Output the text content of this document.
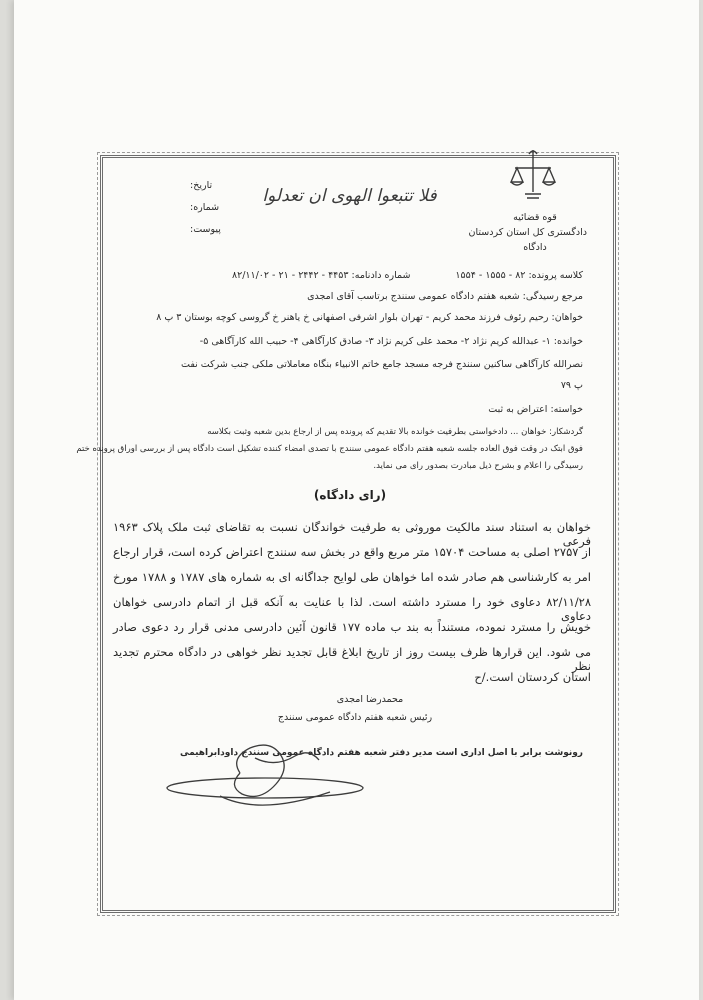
تاریخ:
شماره:
پیوست:
فلا تتبعوا الهوی ان تعدلوا
قوه قضائیه
دادگستری کل استان کردستان
دادگاه
کلاسه پرونده: ۸۲ - ۱۵۵۵ - ۱۵۵۴
شماره دادنامه: ۴۴۵۳ - ۲۴۴۲ - ۲۱ - ۸۲/۱۱/۰۲
مرجع رسیدگی: شعبه هفتم دادگاه عمومی سنندج برتاسب آقای امجدی
خواهان: رحیم رئوف فرزند محمد کریم - تهران بلوار اشرفی اصفهانی خ یاهنر خ گروسی کوچه بوستان ۳ پ ۸
خوانده: ۱- عبدالله کریم نژاد ۲- محمد علی کریم نژاد ۳- صادق کارآگاهی ۴- حبیب الله کارآگاهی ۵-
نصرالله کارآگاهی ساکنین سنندج فرجه مسجد جامع خاتم الانبیاء بنگاه معاملاتی ملکی جنب شرکت نفت
پ ۷۹
خواسته: اعتراض به ثبت
گردشکار: خواهان ... دادخواستی بطرفیت خوانده بالا تقدیم که پرونده پس از ارجاع بدین شعبه وثبت بکلاسه
فوق ابتک در وقت فوق العاده جلسه شعبه هفتم دادگاه عمومی سنندج با تصدی امضاء کننده تشکیل است دادگاه پس از بررسی اوراق پرونده ختم
رسیدگی را اعلام و بشرح ذیل مبادرت بصدور رای می نماید.
(رای دادگاه)
خواهان به استناد سند مالکیت موروثی به طرفیت خواندگان نسبت به تقاضای ثبت ملک پلاک ۱۹۶۳ فرعی
از ۲۷۵۷ اصلی به مساحت ۱۵۷۰۴ متر مربع واقع در بخش سه سنندج اعتراض کرده است، قرار ارجاع
امر به کارشناسی هم صادر شده اما خواهان طی لوایح جداگانه ای به شماره های ۱۷۸۷ و ۱۷۸۸ مورخ
۸۲/۱۱/۲۸ دعاوی خود را مسترد داشته است. لذا با عنایت به آنکه قبل از اتمام دادرسی خواهان دعاوی
خویش را مسترد نموده، مستنداً به بند ب ماده ۱۷۷ قانون آئین دادرسی مدنی قرار رد دعوی صادر
می شود. این قرارها ظرف بیست روز از تاریخ ابلاغ قابل تجدید نظر خواهی در دادگاه محترم تجدید نظر
استان کردستان است./ح
محمدرضا امجدی
رئیس شعبه هفتم دادگاه عمومی سنندج
رونوشت برابر با اصل اداری است مدیر دفتر شعبه هفتم دادگاه عمومی سنندج داودابراهیمی
